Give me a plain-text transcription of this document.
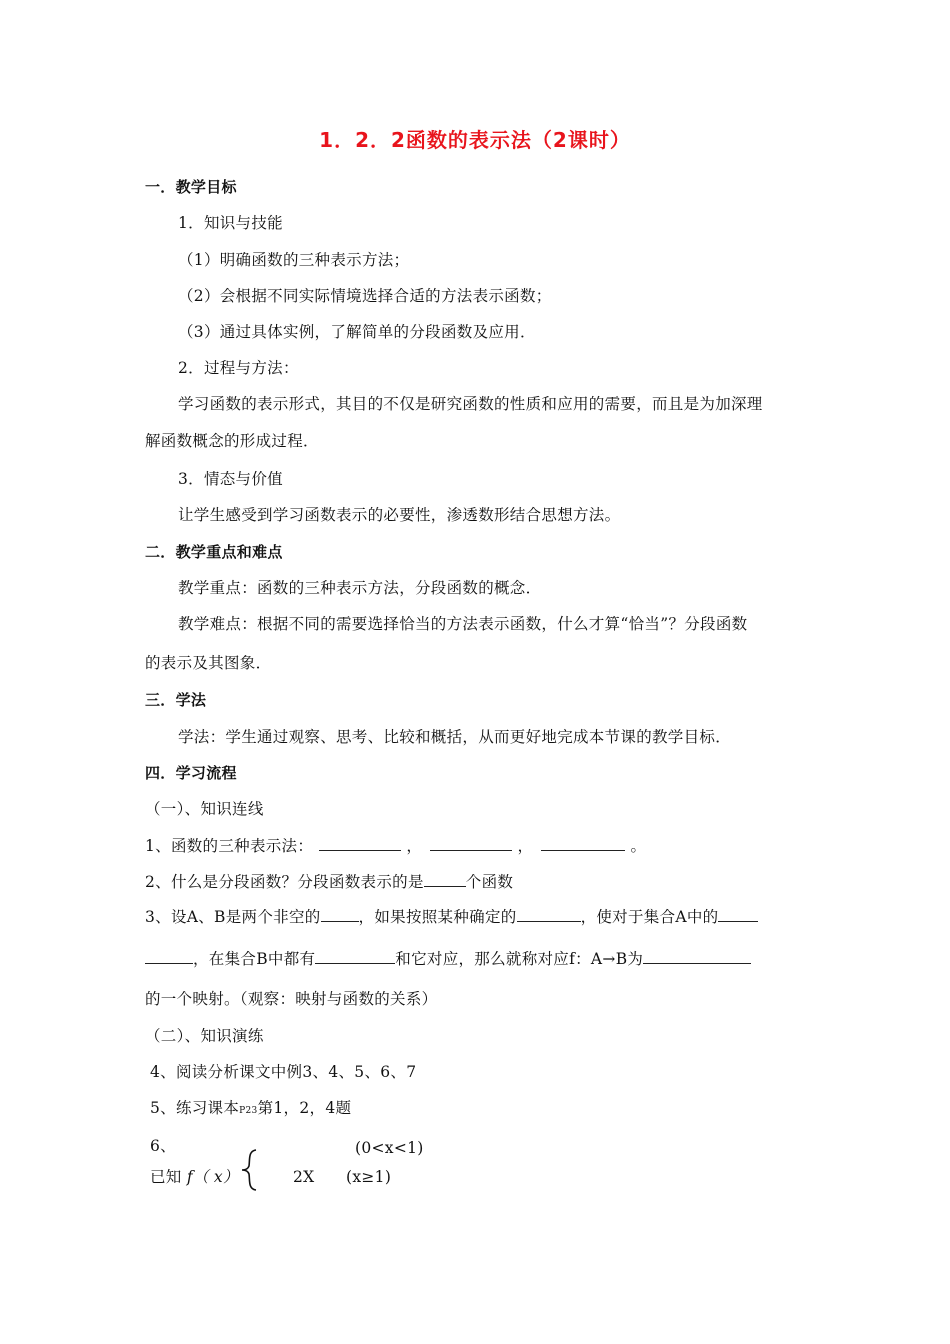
1．2．2函数的表示法（2课时）
一．教学目标
1．知识与技能
（1）明确函数的三种表示方法；
（2）会根据不同实际情境选择合适的方法表示函数；
（3）通过具体实例，了解简单的分段函数及应用．
2．过程与方法：
学习函数的表示形式，其目的不仅是研究函数的性质和应用的需要，而且是为加深理
解函数概念的形成过程．
3．情态与价值
让学生感受到学习函数表示的必要性，渗透数形结合思想方法。
二．教学重点和难点
教学重点：函数的三种表示方法，分段函数的概念．
教学难点：根据不同的需要选择恰当的方法表示函数，什么才算“恰当”？分段函数
的表示及其图象．
三．学法
学法：学生通过观察、思考、比较和概括，从而更好地完成本节课的教学目标．
四．学习流程
（一）、知识连线
1、函数的三种表示法：	，	，	。
2、什么是分段函数？分段函数表示的是	个函数
3、设A、B是两个非空的 ，如果按照某种确定的	，使对于集合A中的
，在集合B中都有	和它对应，那么就称对应f：A→B为
的一个映射。（观察：映射与函数的关系）
（二）、知识演练
4、阅读分析课文中例3、4、5、6、7
5、练习课本P23第1，2，4题
6、	(0<x<1)
已知 f（ x）	2X (x≥1)
